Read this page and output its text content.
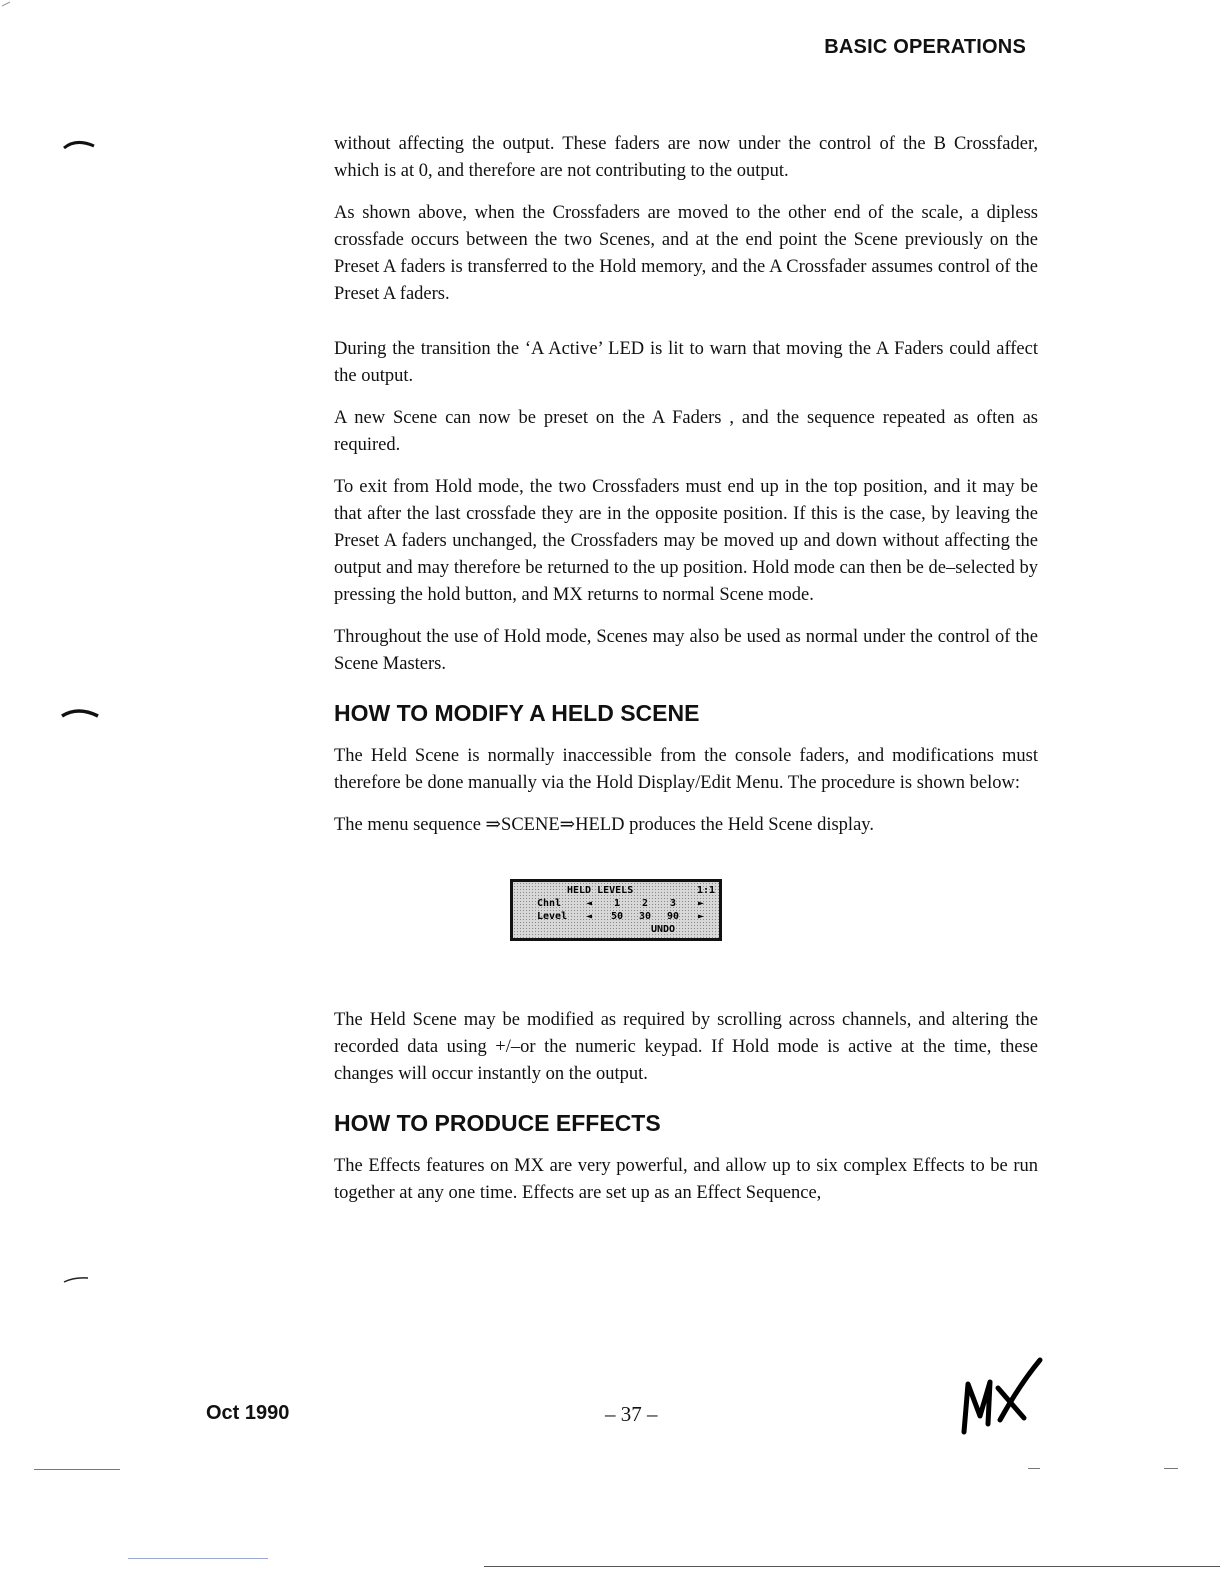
BASIC OPERATIONS

without affecting the output. These faders are now under the control of the B Crossfader, which is at 0, and therefore are not contributing to the output.

As shown above, when the Crossfaders are moved to the other end of the scale, a dipless crossfade occurs between the two Scenes, and at the end point the Scene previously on the Preset A faders is transferred to the Hold memory, and the A Crossfader assumes control of the Preset A faders.

During the transition the ‘A Active’ LED is lit to warn that moving the A Faders could affect the output.

A new Scene can now be preset on the A Faders , and the sequence repeated as often as required.

To exit from Hold mode, the two Crossfaders must end up in the top position, and it may be that after the last crossfade they are in the opposite position. If this is the case, by leaving the Preset A faders unchanged, the Crossfaders may be moved up and down without affecting the output and may therefore be returned to the up position. Hold mode can then be de–selected by pressing the hold button, and MX returns to normal Scene mode.

Throughout the use of Hold mode, Scenes may also be used as normal under the control of the Scene Masters.

HOW TO MODIFY A HELD SCENE

The Held Scene is normally inaccessible from the console faders, and modifications must therefore be done manually via the Hold Display/Edit Menu. The procedure is shown below:

The menu sequence ⇒SCENE⇒HELD produces the Held Scene display.

HELD LEVELS	1:1
Chnl	◄	1	2	3	►
Level	◄	50	30	90	►
UNDO

The Held Scene may be modified as required by scrolling across channels, and altering the recorded data using +/–or the numeric keypad. If Hold mode is active at the time, these changes will occur instantly on the output.

HOW TO PRODUCE EFFECTS

The Effects features on MX are very powerful, and allow up to six complex Effects to be run together at any one time. Effects are set up as an Effect Sequence,

Oct 1990	– 37 –
